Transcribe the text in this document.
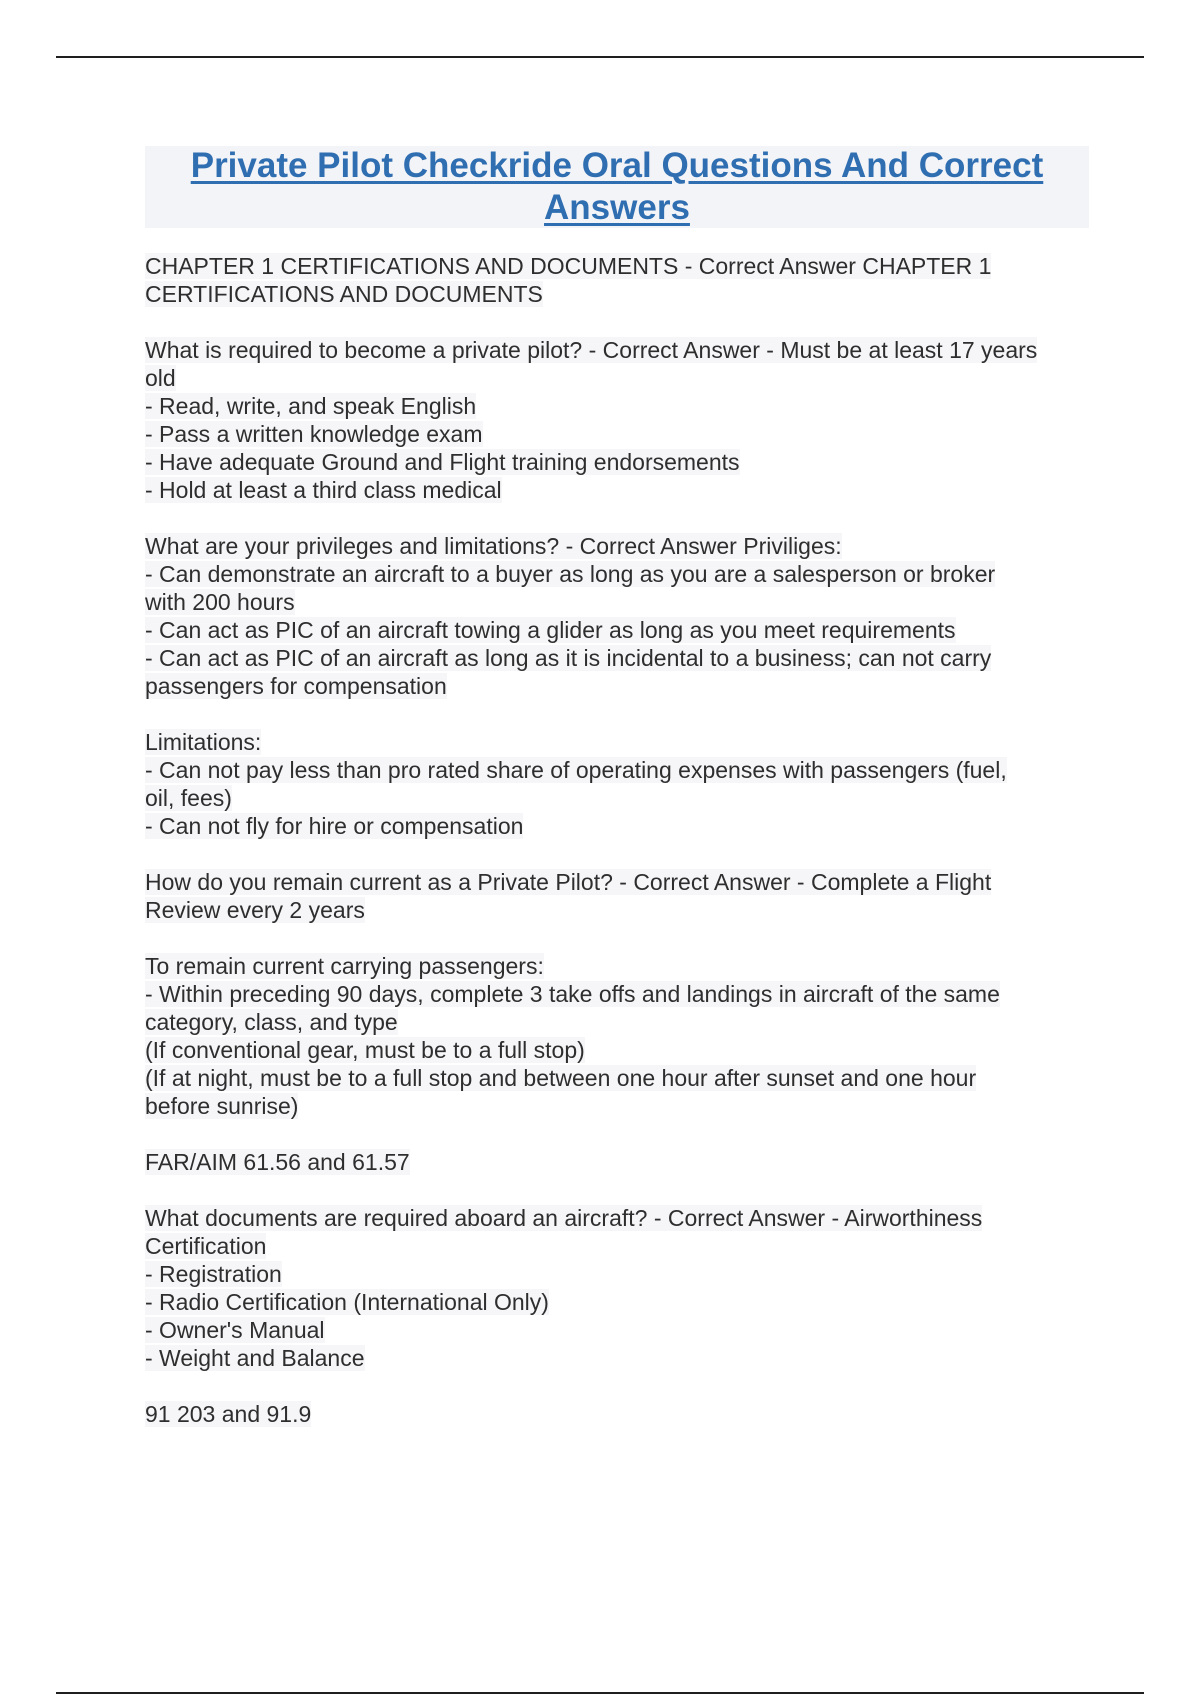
Private Pilot Checkride Oral Questions And Correct
Answers
CHAPTER 1 CERTIFICATIONS AND DOCUMENTS - Correct Answer CHAPTER 1
CERTIFICATIONS AND DOCUMENTS
What is required to become a private pilot? - Correct Answer - Must be at least 17 years
old
- Read, write, and speak English
- Pass a written knowledge exam
- Have adequate Ground and Flight training endorsements
- Hold at least a third class medical
What are your privileges and limitations? - Correct Answer Priviliges:
- Can demonstrate an aircraft to a buyer as long as you are a salesperson or broker
with 200 hours
- Can act as PIC of an aircraft towing a glider as long as you meet requirements
- Can act as PIC of an aircraft as long as it is incidental to a business; can not carry
passengers for compensation
Limitations:
- Can not pay less than pro rated share of operating expenses with passengers (fuel,
oil, fees)
- Can not fly for hire or compensation
How do you remain current as a Private Pilot? - Correct Answer - Complete a Flight
Review every 2 years
To remain current carrying passengers:
- Within preceding 90 days, complete 3 take offs and landings in aircraft of the same
category, class, and type
(If conventional gear, must be to a full stop)
(If at night, must be to a full stop and between one hour after sunset and one hour
before sunrise)
FAR/AIM 61.56 and 61.57
What documents are required aboard an aircraft? - Correct Answer - Airworthiness
Certification
- Registration
- Radio Certification (International Only)
- Owner's Manual
- Weight and Balance
91 203 and 91.9
